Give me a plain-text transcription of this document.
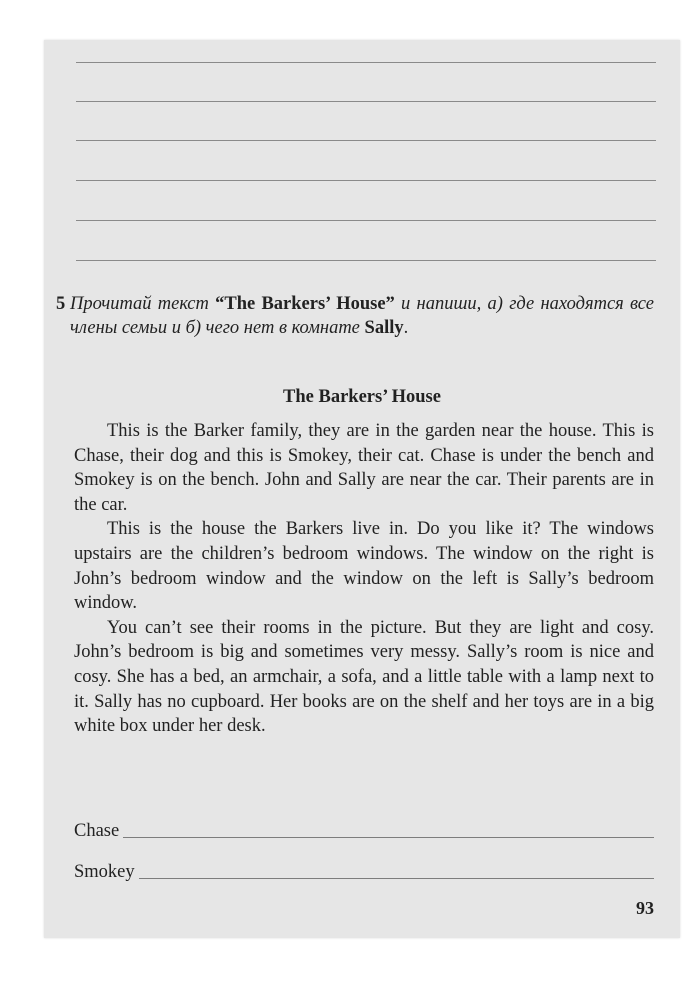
5 Прочитай текст “The Barkers’ House” и напиши, а) где находятся все члены семьи и б) чего нет в комнате Sally.
The Barkers’ House

This is the Barker family, they are in the garden near the house. This is Chase, their dog and this is Smokey, their cat. Chase is under the bench and Smokey is on the bench. John and Sally are near the car. Their parents are in the car.

This is the house the Barkers live in. Do you like it? The windows upstairs are the children’s bedroom windows. The window on the right is John’s bedroom window and the window on the left is Sally’s bedroom window.

You can’t see their rooms in the picture. But they are light and cosy. John’s bedroom is big and sometimes very messy. Sally’s room is nice and cosy. She has a bed, an armchair, a sofa, and a little table with a lamp next to it. Sally has no cupboard. Her books are on the shelf and her toys are in a big white box under her desk.

Chase
Smokey
93
